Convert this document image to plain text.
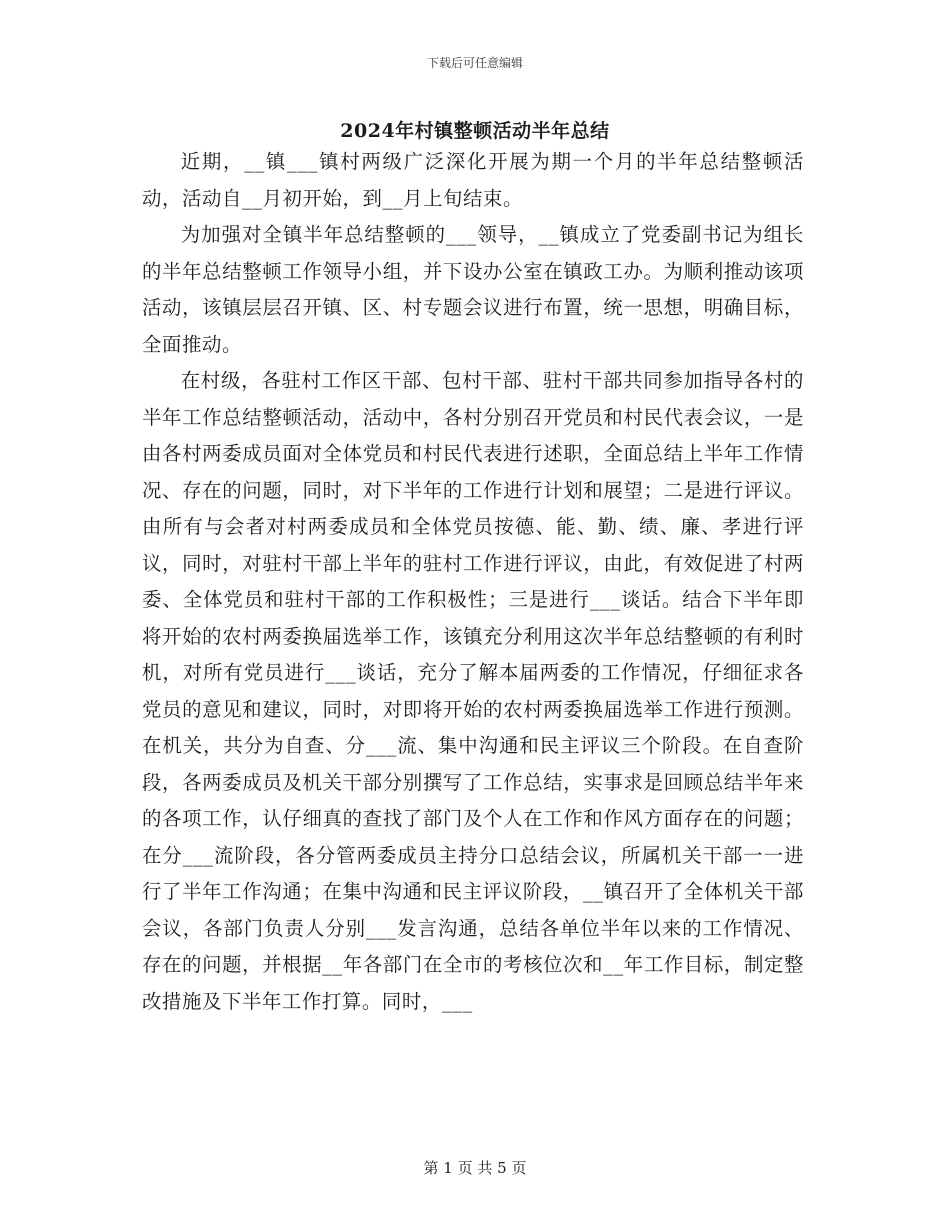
下载后可任意编辑
2024年村镇整顿活动半年总结

近期，__镇___镇村两级广泛深化开展为期一个月的半年总结整顿活动，活动自__月初开始，到__月上旬结束。

为加强对全镇半年总结整顿的___领导，__镇成立了党委副书记为组长的半年总结整顿工作领导小组，并下设办公室在镇政工办。为顺利推动该项活动，该镇层层召开镇、区、村专题会议进行布置，统一思想，明确目标，全面推动。

在村级，各驻村工作区干部、包村干部、驻村干部共同参加指导各村的半年工作总结整顿活动，活动中，各村分别召开党员和村民代表会议，一是由各村两委成员面对全体党员和村民代表进行述职，全面总结上半年工作情况、存在的问题，同时，对下半年的工作进行计划和展望；二是进行评议。由所有与会者对村两委成员和全体党员按德、能、勤、绩、廉、孝进行评议，同时，对驻村干部上半年的驻村工作进行评议，由此，有效促进了村两委、全体党员和驻村干部的工作积极性；三是进行___谈话。结合下半年即将开始的农村两委换届选举工作，该镇充分利用这次半年总结整顿的有利时机，对所有党员进行___谈话，充分了解本届两委的工作情况，仔细征求各党员的意见和建议，同时，对即将开始的农村两委换届选举工作进行预测。在机关，共分为自查、分___流、集中沟通和民主评议三个阶段。在自查阶段，各两委成员及机关干部分别撰写了工作总结，实事求是回顾总结半年来的各项工作，认仔细真的查找了部门及个人在工作和作风方面存在的问题；在分___流阶段，各分管两委成员主持分口总结会议，所属机关干部一一进行了半年工作沟通；在集中沟通和民主评议阶段，__镇召开了全体机关干部会议，各部门负责人分别___发言沟通，总结各单位半年以来的工作情况、存在的问题，并根据__年各部门在全市的考核位次和__年工作目标，制定整改措施及下半年工作打算。同时，___

第 1 页 共 5 页
